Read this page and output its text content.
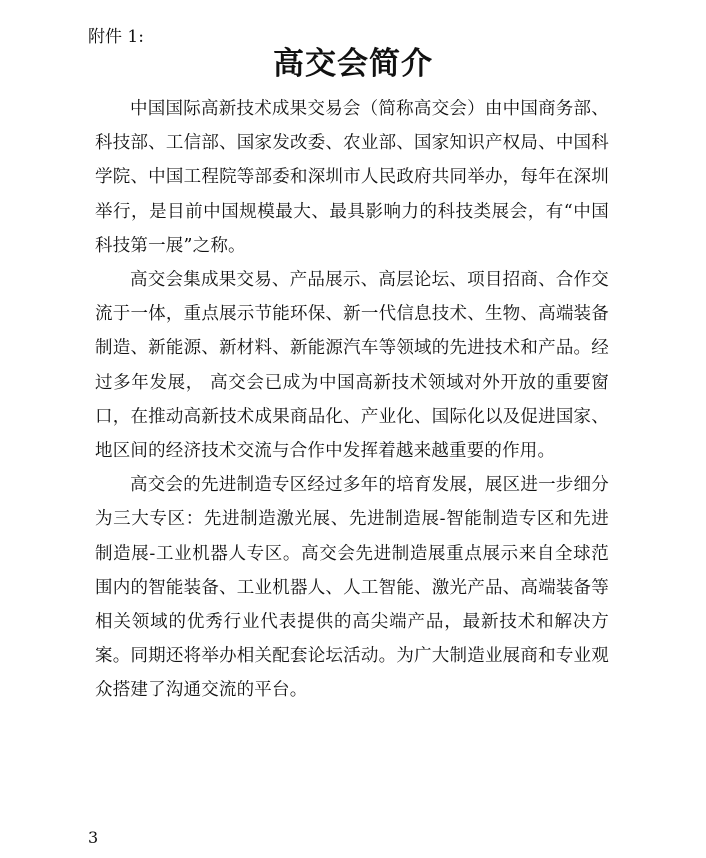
附件 1:

高交会简介

中国国际高新技术成果交易会（简称高交会）由中国商务部、科技部、工信部、国家发改委、农业部、国家知识产权局、中国科学院、中国工程院等部委和深圳市人民政府共同举办，每年在深圳举行，是目前中国规模最大、最具影响力的科技类展会，有“中国科技第一展”之称。

高交会集成果交易、产品展示、高层论坛、项目招商、合作交流于一体，重点展示节能环保、新一代信息技术、生物、高端装备制造、新能源、新材料、新能源汽车等领域的先进技术和产品。经过多年发展， 高交会已成为中国高新技术领域对外开放的重要窗口，在推动高新技术成果商品化、产业化、国际化以及促进国家、地区间的经济技术交流与合作中发挥着越来越重要的作用。

高交会的先进制造专区经过多年的培育发展，展区进一步细分为三大专区：先进制造激光展、先进制造展-智能制造专区和先进制造展-工业机器人专区。高交会先进制造展重点展示来自全球范围内的智能装备、工业机器人、人工智能、激光产品、高端装备等相关领域的优秀行业代表提供的高尖端产品，最新技术和解决方案。同期还将举办相关配套论坛活动。为广大制造业展商和专业观众搭建了沟通交流的平台。

3
